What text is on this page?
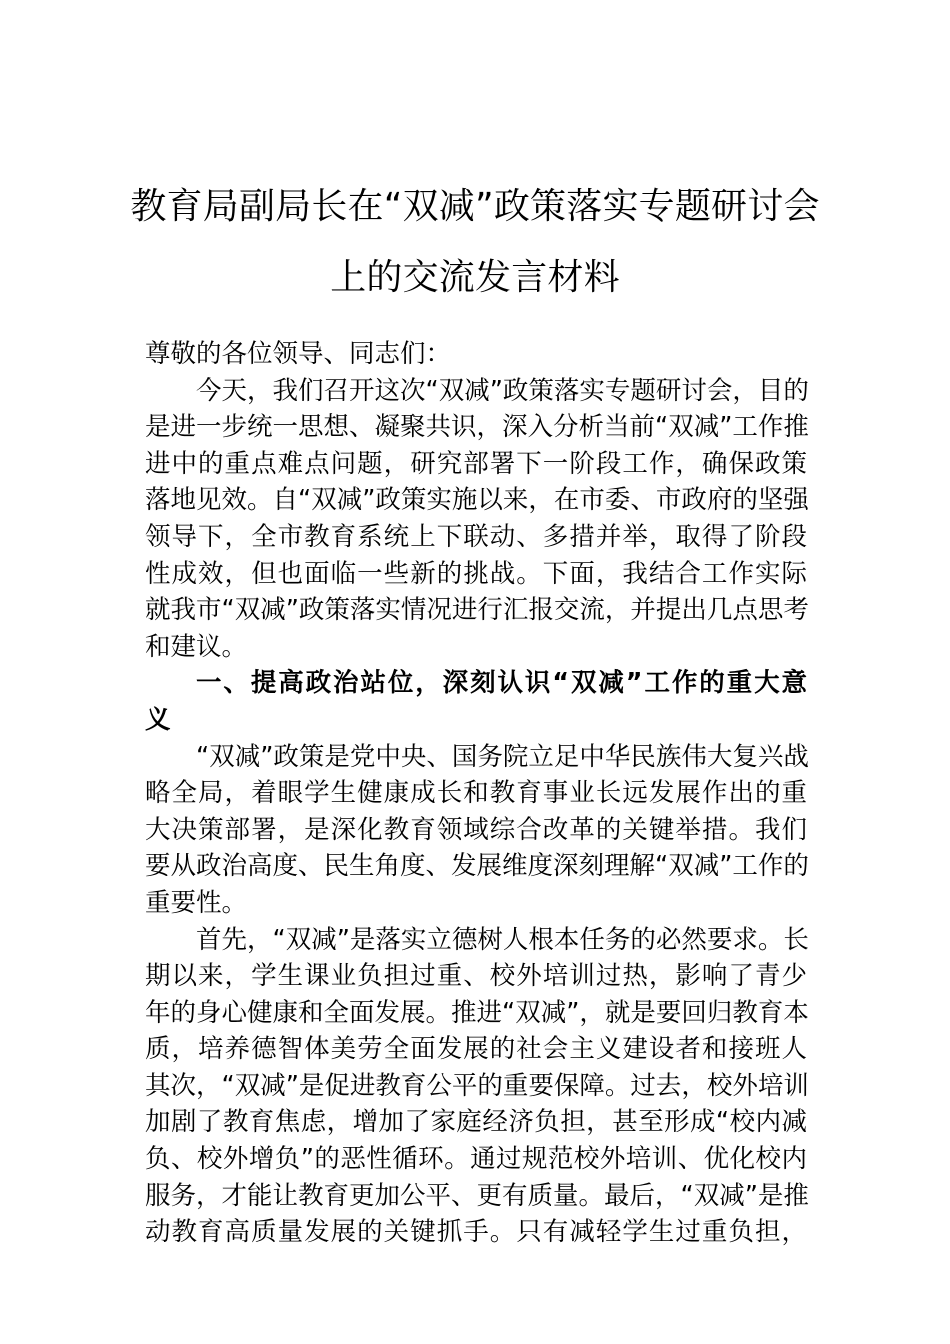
教育局副局长在“双减”政策落实专题研讨会
上的交流发言材料
尊敬的各位领导、同志们：
今天，我们召开这次“双减”政策落实专题研讨会，目的
是进一步统一思想、凝聚共识，深入分析当前“双减”工作推
进中的重点难点问题，研究部署下一阶段工作，确保政策
落地见效。自“双减”政策实施以来，在市委、市政府的坚强
领导下，全市教育系统上下联动、多措并举，取得了阶段
性成效，但也面临一些新的挑战。下面，我结合工作实际
就我市“双减”政策落实情况进行汇报交流，并提出几点思考
和建议。
一、提高政治站位，深刻认识“双减”工作的重大意
义
“双减”政策是党中央、国务院立足中华民族伟大复兴战
略全局，着眼学生健康成长和教育事业长远发展作出的重
大决策部署，是深化教育领域综合改革的关键举措。我们
要从政治高度、民生角度、发展维度深刻理解“双减”工作的
重要性。
首先，“双减”是落实立德树人根本任务的必然要求。长
期以来，学生课业负担过重、校外培训过热，影响了青少
年的身心健康和全面发展。推进“双减”，就是要回归教育本
质，培养德智体美劳全面发展的社会主义建设者和接班人
其次，“双减”是促进教育公平的重要保障。过去，校外培训
加剧了教育焦虑，增加了家庭经济负担，甚至形成“校内减
负、校外增负”的恶性循环。通过规范校外培训、优化校内
服务，才能让教育更加公平、更有质量。最后，“双减”是推
动教育高质量发展的关键抓手。只有减轻学生过重负担，
